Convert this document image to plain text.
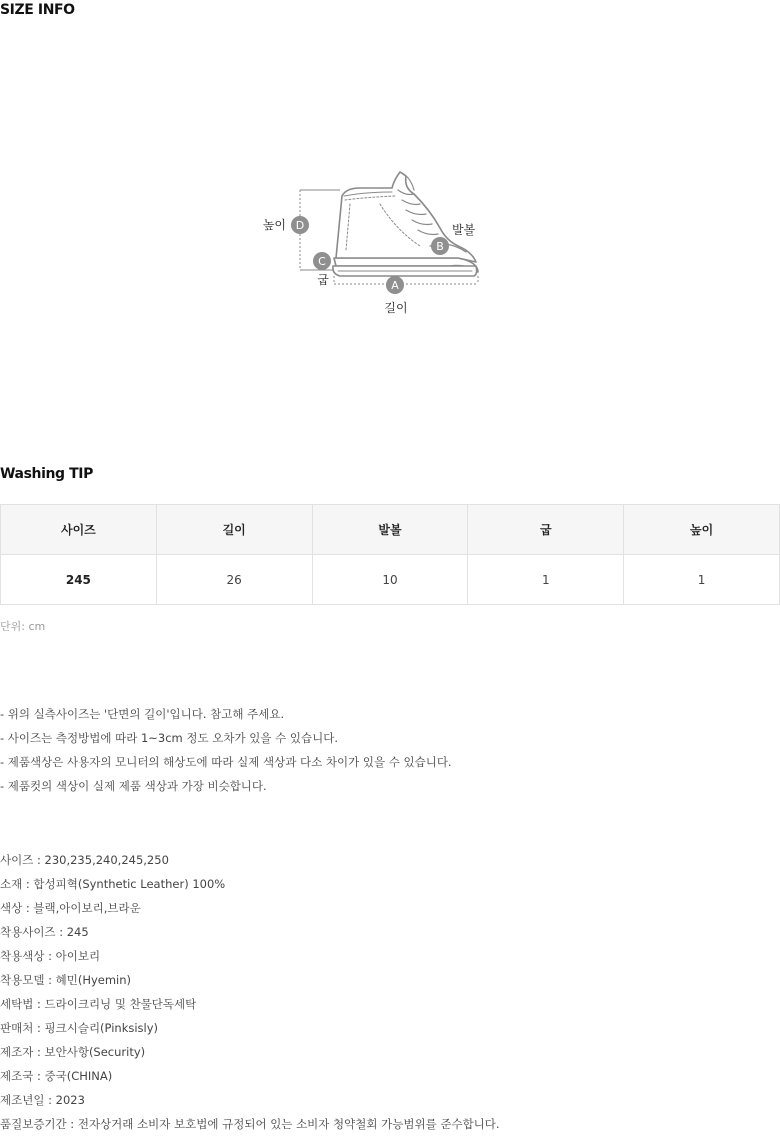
SIZE INFO
D
C
B
A
높이	발볼
굽
길이
Washing TIP
사이즈	길이	발볼	굽	높이
245	26	10	1	1
단위: cm
- 위의 실측사이즈는 '단면의 길이'입니다. 참고해 주세요.
- 사이즈는 측정방법에 따라 1~3cm 정도 오차가 있을 수 있습니다.
- 제품색상은 사용자의 모니터의 해상도에 따라 실제 색상과 다소 차이가 있을 수 있습니다.
- 제품컷의 색상이 실제 제품 색상과 가장 비슷합니다.
사이즈 : 230,235,240,245,250
소재 : 합성피혁(Synthetic Leather) 100%
색상 : 블랙,아이보리,브라운
착용사이즈 : 245
착용색상 : 아이보리
착용모델 : 혜민(Hyemin)
세탁법 : 드라이크리닝 및 찬물단독세탁
판매처 : 핑크시슬리(Pinksisly)
제조자 : 보안사항(Security)
제조국 : 중국(CHINA)
제조년일 : 2023
품질보증기간 : 전자상거래 소비자 보호법에 규정되어 있는 소비자 청약철회 가능범위를 준수합니다.
